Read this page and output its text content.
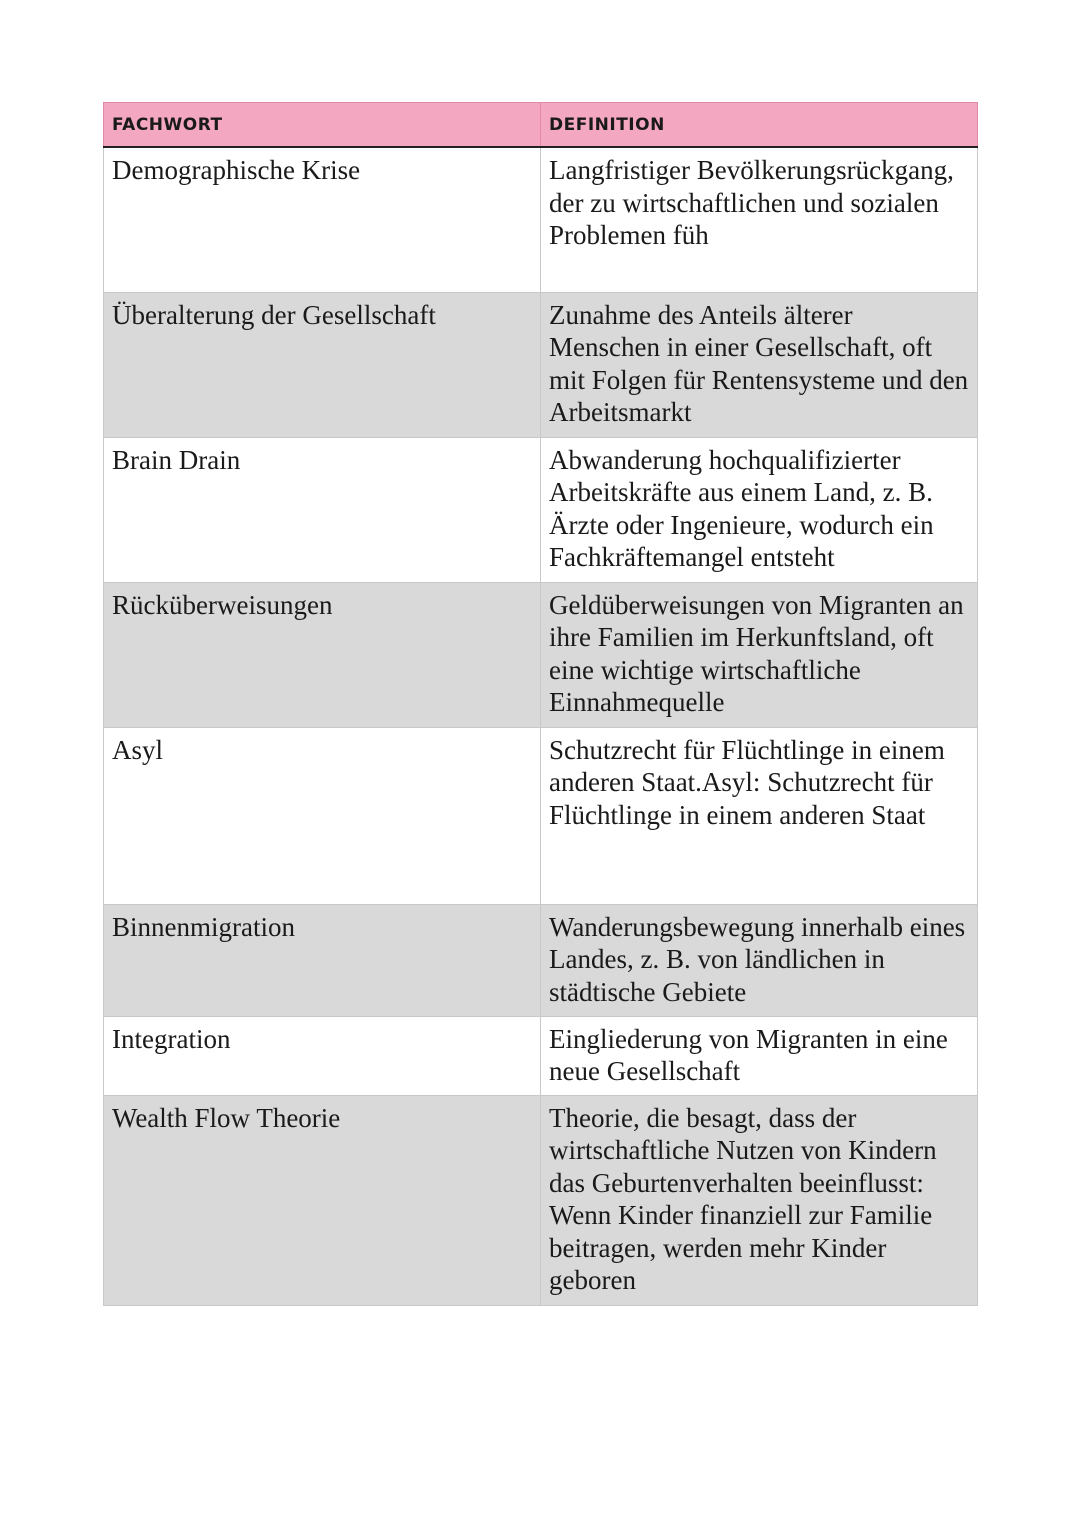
FACHWORT	DEFINITION
Demographische Krise	Langfristiger Bevölkerungsrückgang, der zu wirtschaftlichen und sozialen Problemen füh
Überalterung der Gesellschaft	Zunahme des Anteils älterer Menschen in einer Gesellschaft, oft mit Folgen für Rentensysteme und den Arbeitsmarkt
Brain Drain	Abwanderung hochqualifizierter Arbeitskräfte aus einem Land, z. B. Ärzte oder Ingenieure, wodurch ein Fachkräftemangel entsteht
Rücküberweisungen	Geldüberweisungen von Migranten an ihre Familien im Herkunftsland, oft eine wichtige wirtschaftliche Einnahmequelle
Asyl	Schutzrecht für Flüchtlinge in einem anderen Staat.Asyl: Schutzrecht für Flüchtlinge in einem anderen Staat
Binnenmigration	Wanderungsbewegung innerhalb eines Landes, z. B. von ländlichen in städtische Gebiete
Integration	Eingliederung von Migranten in eine neue Gesellschaft
Wealth Flow Theorie	Theorie, die besagt, dass der wirtschaftliche Nutzen von Kindern das Geburtenverhalten beeinflusst: Wenn Kinder finanziell zur Familie beitragen, werden mehr Kinder geboren
